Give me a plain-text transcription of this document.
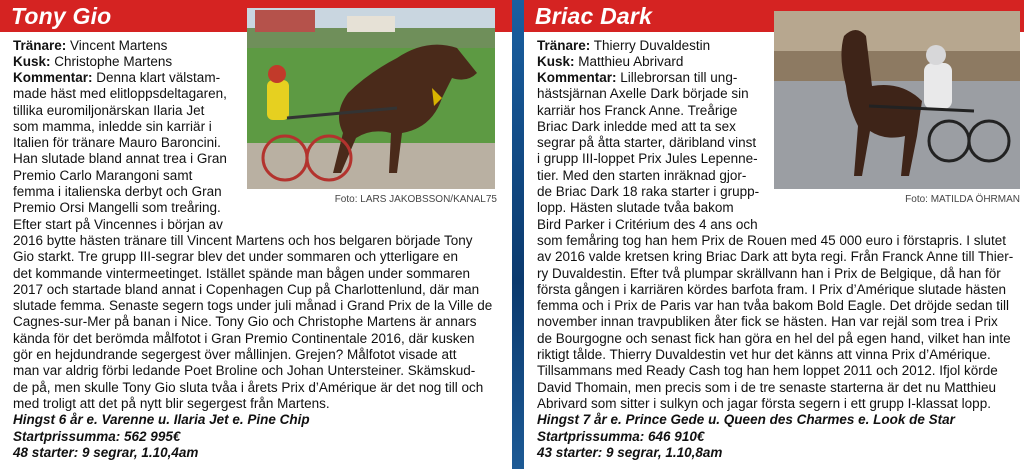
Tony Gio
Foto: LARS JAKOBSSON/KANAL75
Tränare: Vincent Martens
Kusk: Christophe Martens
Kommentar: Denna klart välstam-
made häst med elitloppsdeltagaren,
tillika euromiljonärskan Ilaria Jet
som mamma, inledde sin karriär i
Italien för tränare Mauro Baroncini.
Han slutade bland annat trea i Gran
Premio Carlo Marangoni samt
femma i italienska derbyt och Gran
Premio Orsi Mangelli som treåring.
Efter start på Vincennes i början av
2016 bytte hästen tränare till Vincent Martens och hos belgaren började Tony
Gio starkt. Tre grupp III-segrar blev det under sommaren och ytterligare en
det kommande vintermeetinget. Istället spände man bågen under sommaren
2017 och startade bland annat i Copenhagen Cup på Charlottenlund, där man
slutade femma. Senaste segern togs under juli månad i Grand Prix de la Ville de
Cagnes-sur-Mer på banan i Nice. Tony Gio och Christophe Martens är annars
kända för det berömda målfotot i Gran Premio Continentale 2016, där kusken
gör en hejdundrande segergest över mållinjen. Grejen? Målfotot visade att
man var aldrig förbi ledande Poet Broline och Johan Untersteiner. Skämskud-
de på, men skulle Tony Gio sluta tvåa i årets Prix d’Amérique är det nog till och
med troligt att det på nytt blir segergest från Martens.
Hingst 6 år e. Varenne u. Ilaria Jet e. Pine Chip
Startprissumma: 562 995€
48 starter: 9 segrar, 1.10,4am
Briac Dark
Foto: MATILDA ÖHRMAN
Tränare: Thierry Duvaldestin
Kusk: Matthieu Abrivard
Kommentar: Lillebrorsan till ung-
hästsjärnan Axelle Dark började sin
karriär hos Franck Anne. Treårige
Briac Dark inledde med att ta sex
segrar på åtta starter, däribland vinst
i grupp III-loppet Prix Jules Lepenne-
tier. Med den starten inräknad gjor-
de Briac Dark 18 raka starter i grupp-
lopp. Hästen slutade tvåa bakom
Bird Parker i Critérium des 4 ans och
som femåring tog han hem Prix de Rouen med 45 000 euro i förstapris. I slutet
av 2016 valde kretsen kring Briac Dark att byta regi. Från Franck Anne till Thier-
ry Duvaldestin. Efter två plumpar skrällvann han i Prix de Belgique, då han för
första gången i karriären kördes barfota fram. I Prix d’Amérique slutade hästen
femma och i Prix de Paris var han tvåa bakom Bold Eagle. Det dröjde sedan till
november innan travpubliken åter fick se hästen. Han var rejäl som trea i Prix
de Bourgogne och senast fick han göra en hel del på egen hand, vilket han inte
riktigt tålde. Thierry Duvaldestin vet hur det känns att vinna Prix d’Amérique.
Tillsammans med Ready Cash tog han hem loppet 2011 och 2012. Ifjol körde
David Thomain, men precis som i de tre senaste starterna är det nu Matthieu
Abrivard som sitter i sulkyn och jagar första segern i ett grupp I-klassat lopp.
Hingst 7 år e. Prince Gede u. Queen des Charmes e. Look de Star
Startprissumma: 646 910€
43 starter: 9 segrar, 1.10,8am
